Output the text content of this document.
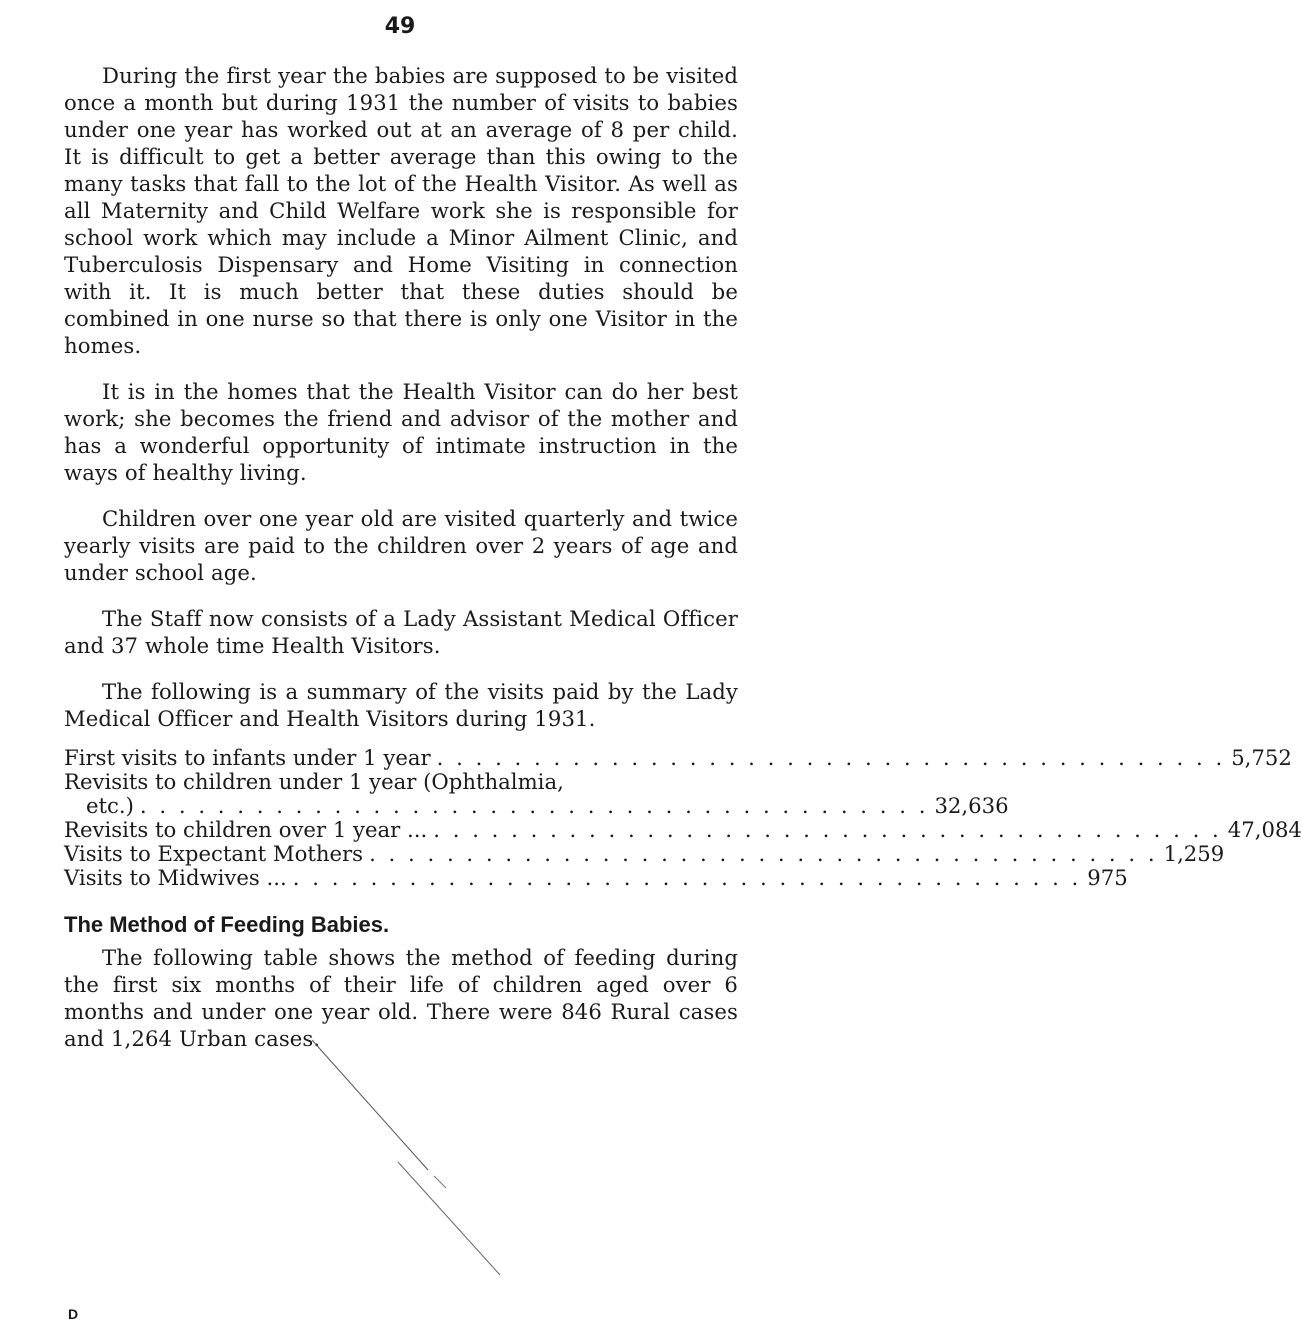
49

During the first year the babies are supposed to be visited once a month but during 1931 the number of visits to babies under one year has worked out at an average of 8 per child. It is difficult to get a better average than this owing to the many tasks that fall to the lot of the Health Visitor. As well as all Maternity and Child Welfare work she is responsible for school work which may include a Minor Ailment Clinic, and Tuberculosis Dispensary and Home Visiting in connection with it. It is much better that these duties should be combined in one nurse so that there is only one Visitor in the homes.

It is in the homes that the Health Visitor can do her best work; she becomes the friend and advisor of the mother and has a wonderful opportunity of intimate instruction in the ways of healthy living.

Children over one year old are visited quarterly and twice yearly visits are paid to the children over 2 years of age and under school age.

The Staff now consists of a Lady Assistant Medical Officer and 37 whole time Health Visitors.

The following is a summary of the visits paid by the Lady Medical Officer and Health Visitors during 1931.

First visits to infants under 1 year . . . . . . . . . . . . . . . . . . . . . . . . . . . . . . . . . . . . . . . . . 5,752
Revisits to children under 1 year (Ophthalmia,
etc.) . . . . . . . . . . . . . . . . . . . . . . . . . . . . . . . . . . . . . . . . . 32,636
Revisits to children over 1 year ... . . . . . . . . . . . . . . . . . . . . . . . . . . . . . . . . . . . . . . . . . 47,084
Visits to Expectant Mothers . . . . . . . . . . . . . . . . . . . . . . . . . . . . . . . . . . . . . . . . . 1,259
Visits to Midwives ... . . . . . . . . . . . . . . . . . . . . . . . . . . . . . . . . . . . . . . . . . 975
The Method of Feeding Babies.

The following table shows the method of feeding during the first six months of their life of children aged over 6 months and under one year old. There were 846 Rural cases and 1,264 Urban cases.

D
